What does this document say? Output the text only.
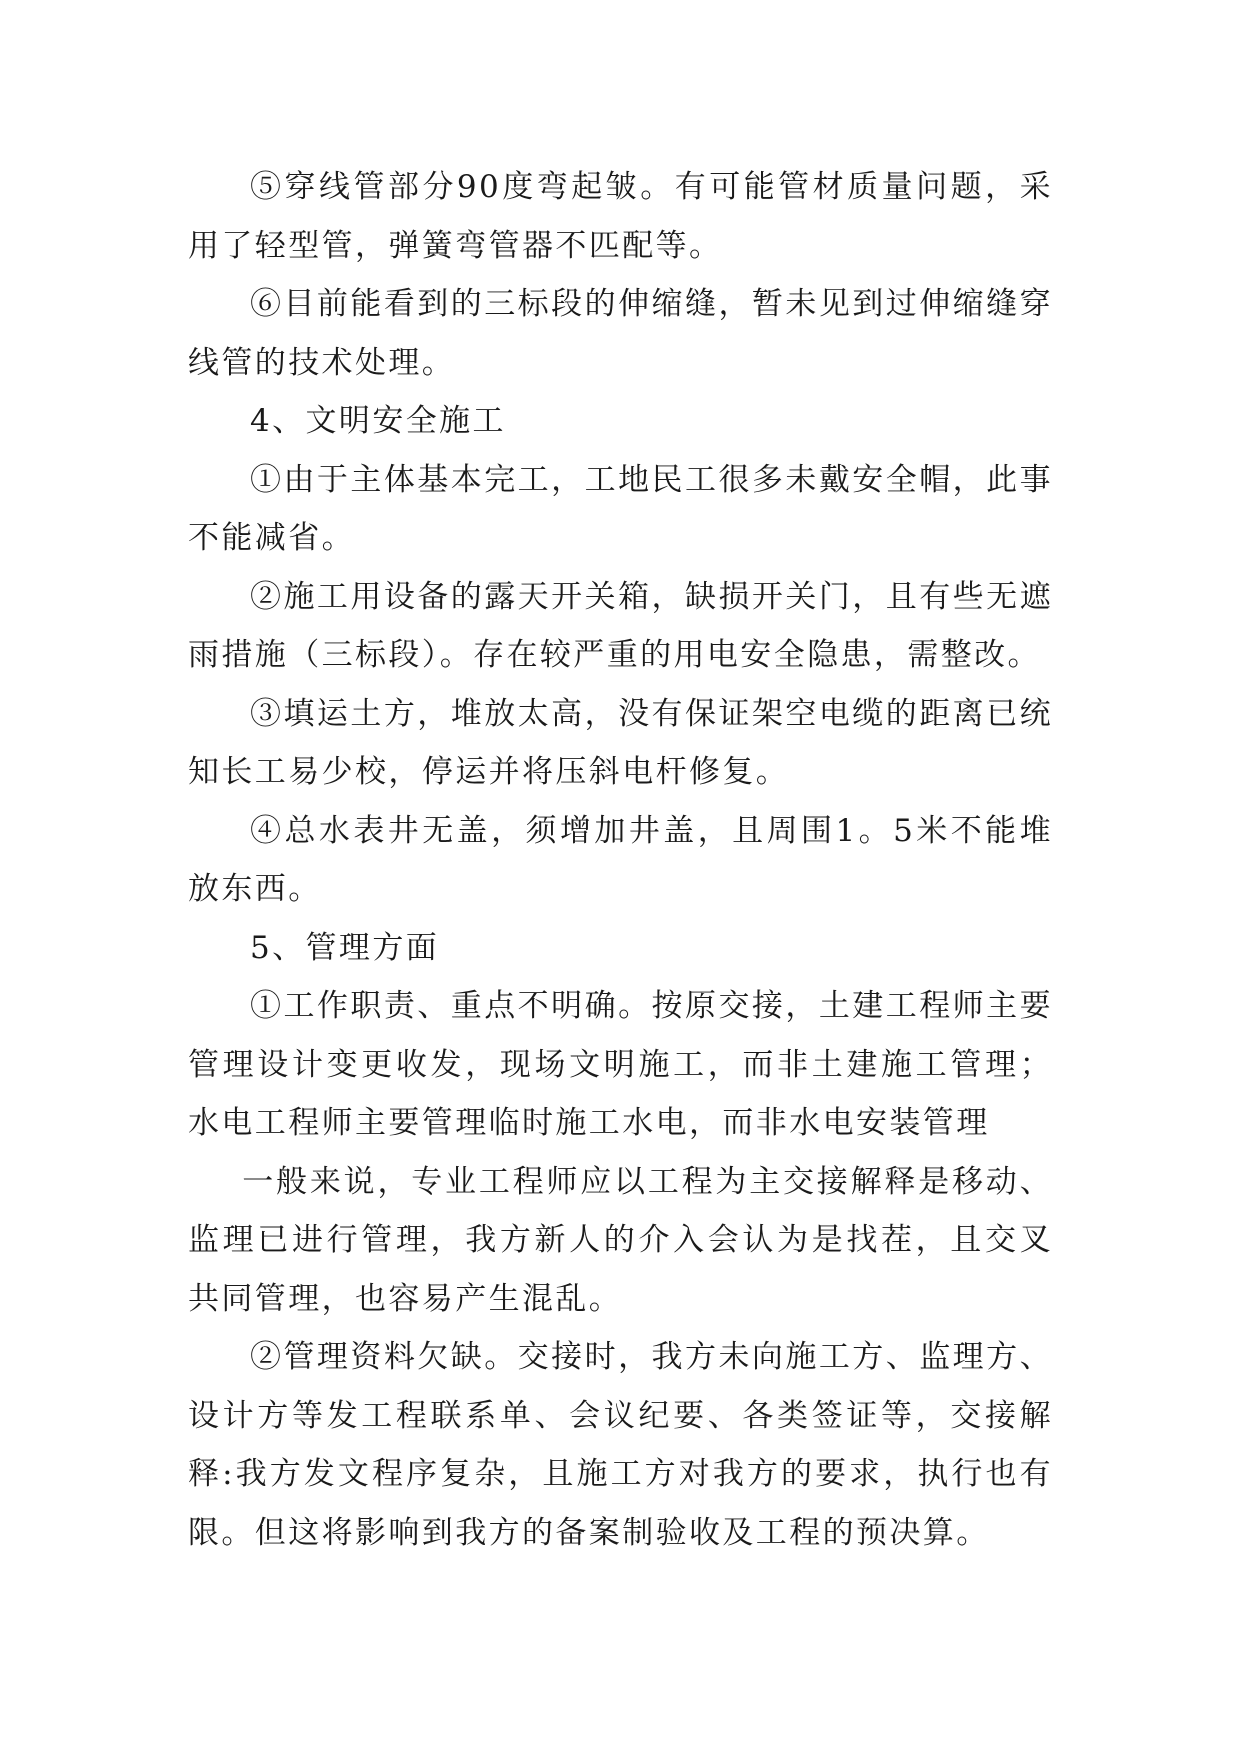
⑤穿线管部分90度弯起皱。有可能管材质量问题，采用了轻型管，弹簧弯管器不匹配等。

⑥目前能看到的三标段的伸缩缝，暂未见到过伸缩缝穿线管的技术处理。

4、文明安全施工

①由于主体基本完工，工地民工很多未戴安全帽，此事不能减省。

②施工用设备的露天开关箱，缺损开关门，且有些无遮雨措施（三标段）。存在较严重的用电安全隐患，需整改。

③填运土方，堆放太高，没有保证架空电缆的距离已统知长工易少校，停运并将压斜电杆修复。

④总水表井无盖，须增加井盖，且周围1。5米不能堆放东西。

5、管理方面

①工作职责、重点不明确。按原交接，土建工程师主要管理设计变更收发，现场文明施工，而非土建施工管理；水电工程师主要管理临时施工水电，而非水电安装管理

一般来说，专业工程师应以工程为主交接解释是移动、监理已进行管理，我方新人的介入会认为是找茬，且交叉共同管理，也容易产生混乱。

②管理资料欠缺。交接时，我方未向施工方、监理方、设计方等发工程联系单、会议纪要、各类签证等，交接解释:我方发文程序复杂，且施工方对我方的要求，执行也有限。但这将影响到我方的备案制验收及工程的预决算。
